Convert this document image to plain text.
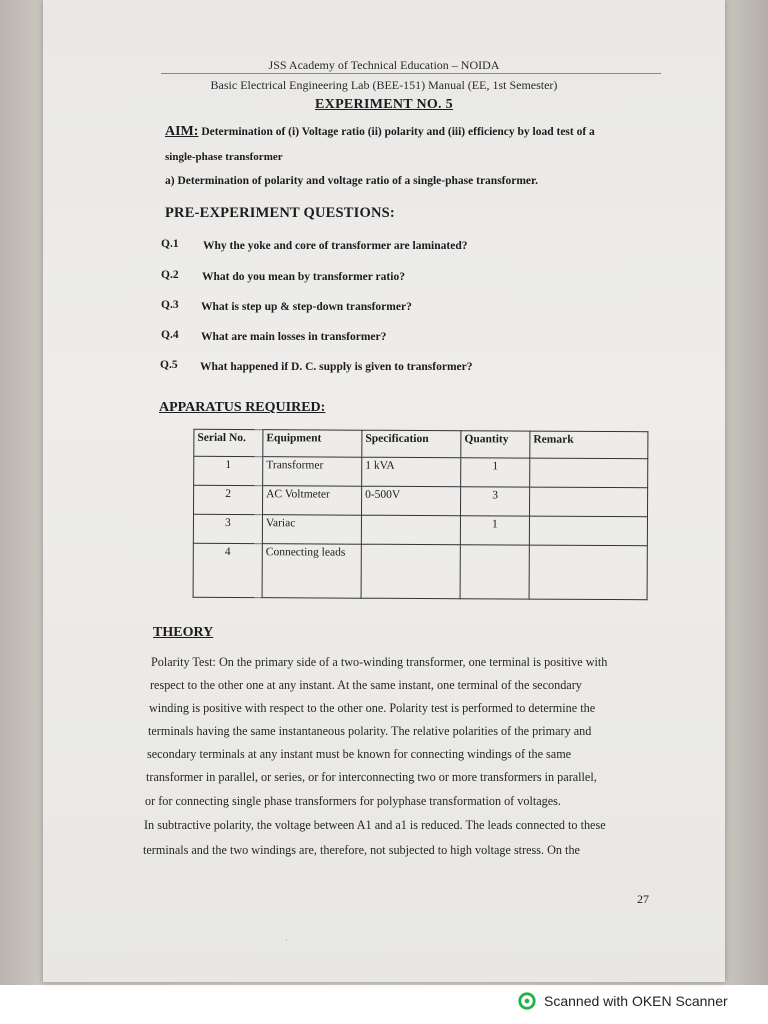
JSS Academy of Technical Education – NOIDA
Basic Electrical Engineering Lab (BEE-151) Manual (EE, 1st Semester)
EXPERIMENT NO. 5
AIM: Determination of (i) Voltage ratio (ii) polarity and (iii) efficiency by load test of a
single-phase transformer
a) Determination of polarity and voltage ratio of a single-phase transformer.
PRE-EXPERIMENT QUESTIONS:
Q.1 Why the yoke and core of transformer are laminated?
Q.2 What do you mean by transformer ratio?
Q.3 What is step up & step-down transformer?
Q.4 What are main losses in transformer?
Q.5 What happened if D. C. supply is given to transformer?
APPARATUS REQUIRED:
Serial No.	Equipment	Specification	Quantity	Remark
1	Transformer	1 kVA	1	
2	AC Voltmeter	0-500V	3	
3	Variac		1	
4	Connecting leads			
THEORY
Polarity Test: On the primary side of a two-winding transformer, one terminal is positive with
respect to the other one at any instant. At the same instant, one terminal of the secondary
winding is positive with respect to the other one. Polarity test is performed to determine the
terminals having the same instantaneous polarity. The relative polarities of the primary and
secondary terminals at any instant must be known for connecting windings of the same
transformer in parallel, or series, or for interconnecting two or more transformers in parallel,
or for connecting single phase transformers for polyphase transformation of voltages.
In subtractive polarity, the voltage between A1 and a1 is reduced. The leads connected to these
terminals and the two windings are, therefore, not subjected to high voltage stress. On the
27
·
Scanned with OKEN Scanner
